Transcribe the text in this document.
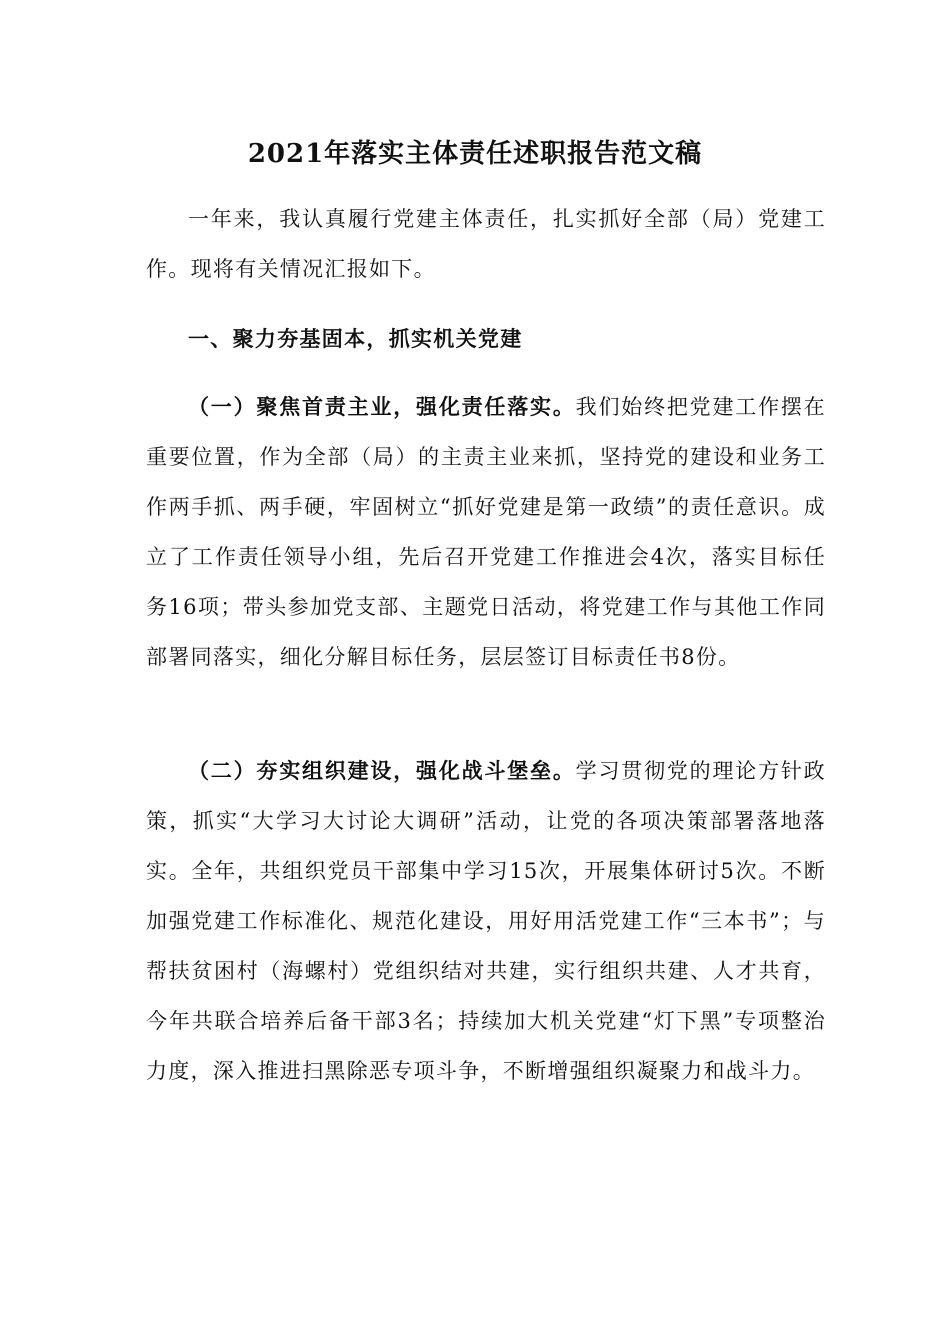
2021年落实主体责任述职报告范文稿
一年来，我认真履行党建主体责任，扎实抓好全部（局）党建工作。现将有关情况汇报如下。
一、聚力夯基固本，抓实机关党建
（一）聚焦首责主业，强化责任落实。我们始终把党建工作摆在重要位置，作为全部（局）的主责主业来抓，坚持党的建设和业务工作两手抓、两手硬，牢固树立“抓好党建是第一政绩”的责任意识。成立了工作责任领导小组，先后召开党建工作推进会4次，落实目标任务16项；带头参加党支部、主题党日活动，将党建工作与其他工作同部署同落实，细化分解目标任务，层层签订目标责任书8份。
（二）夯实组织建设，强化战斗堡垒。学习贯彻党的理论方针政策，抓实“大学习大讨论大调研”活动，让党的各项决策部署落地落实。全年，共组织党员干部集中学习15次，开展集体研讨5次。不断加强党建工作标准化、规范化建设，用好用活党建工作“三本书”；与帮扶贫困村（海螺村）党组织结对共建，实行组织共建、人才共育，今年共联合培养后备干部3名；持续加大机关党建“灯下黑”专项整治力度，深入推进扫黑除恶专项斗争，不断增强组织凝聚力和战斗力。
